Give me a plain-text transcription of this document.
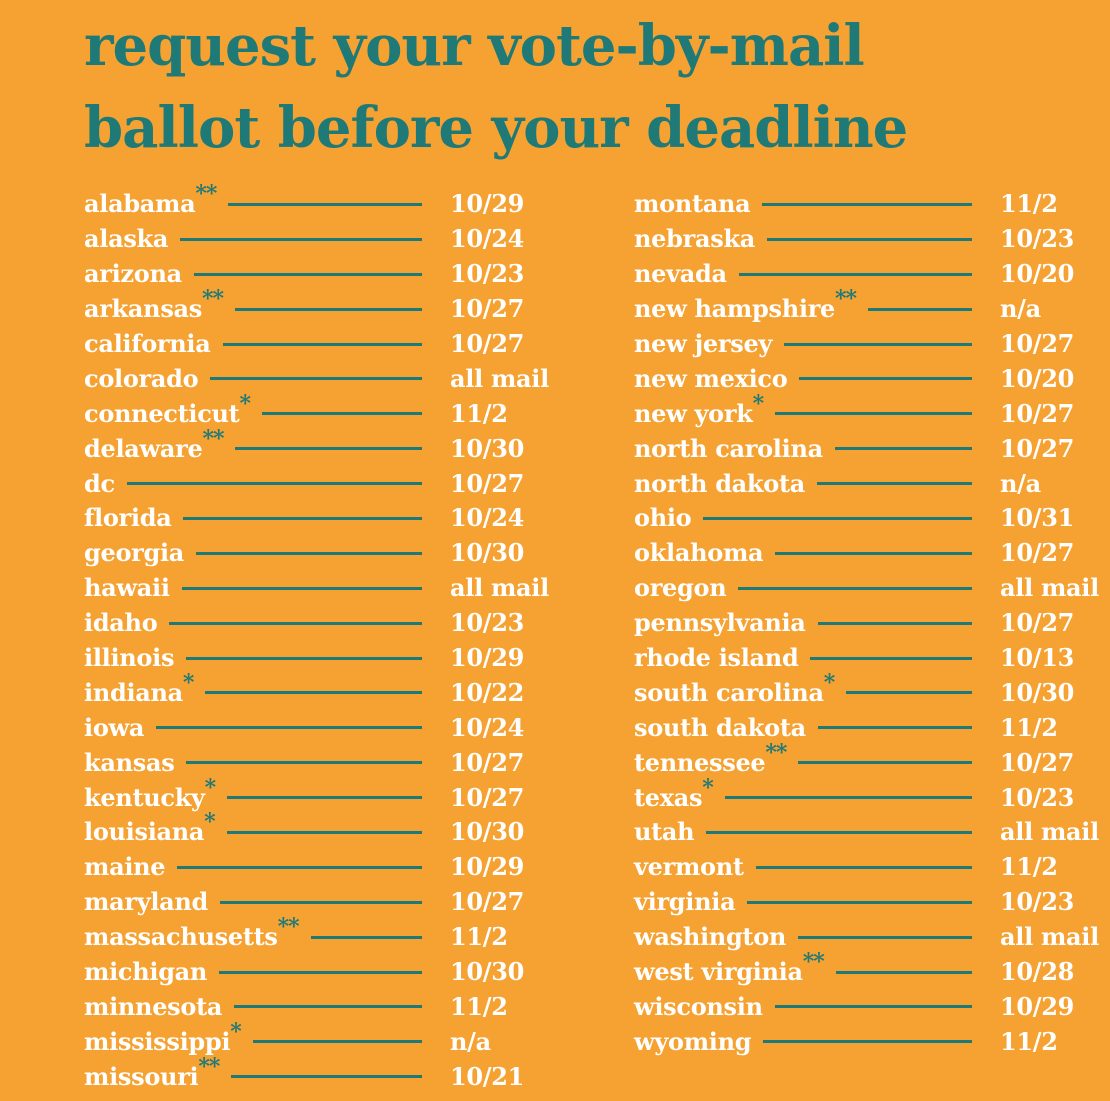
request your vote-by-mail
ballot before your deadline
alabama **	10/29
alaska	10/24
arizona	10/23
arkansas **	10/27
california	10/27
colorado	all mail
connecticut *	11/2
delaware **	10/30
dc	10/27
florida	10/24
georgia	10/30
hawaii	all mail
idaho	10/23
illinois	10/29
indiana *	10/22
iowa	10/24
kansas	10/27
kentucky *	10/27
louisiana *	10/30
maine	10/29
maryland	10/27
massachusetts **	11/2
michigan	10/30
minnesota	11/2
mississippi *	n/a
missouri **	10/21
montana	11/2
nebraska	10/23
nevada	10/20
new hampshire **	n/a
new jersey	10/27
new mexico	10/20
new york *	10/27
north carolina	10/27
north dakota	n/a
ohio	10/31
oklahoma	10/27
oregon	all mail
pennsylvania	10/27
rhode island	10/13
south carolina *	10/30
south dakota	11/2
tennessee **	10/27
texas *	10/23
utah	all mail
vermont	11/2
virginia	10/23
washington	all mail
west virginia **	10/28
wisconsin	10/29
wyoming	11/2
